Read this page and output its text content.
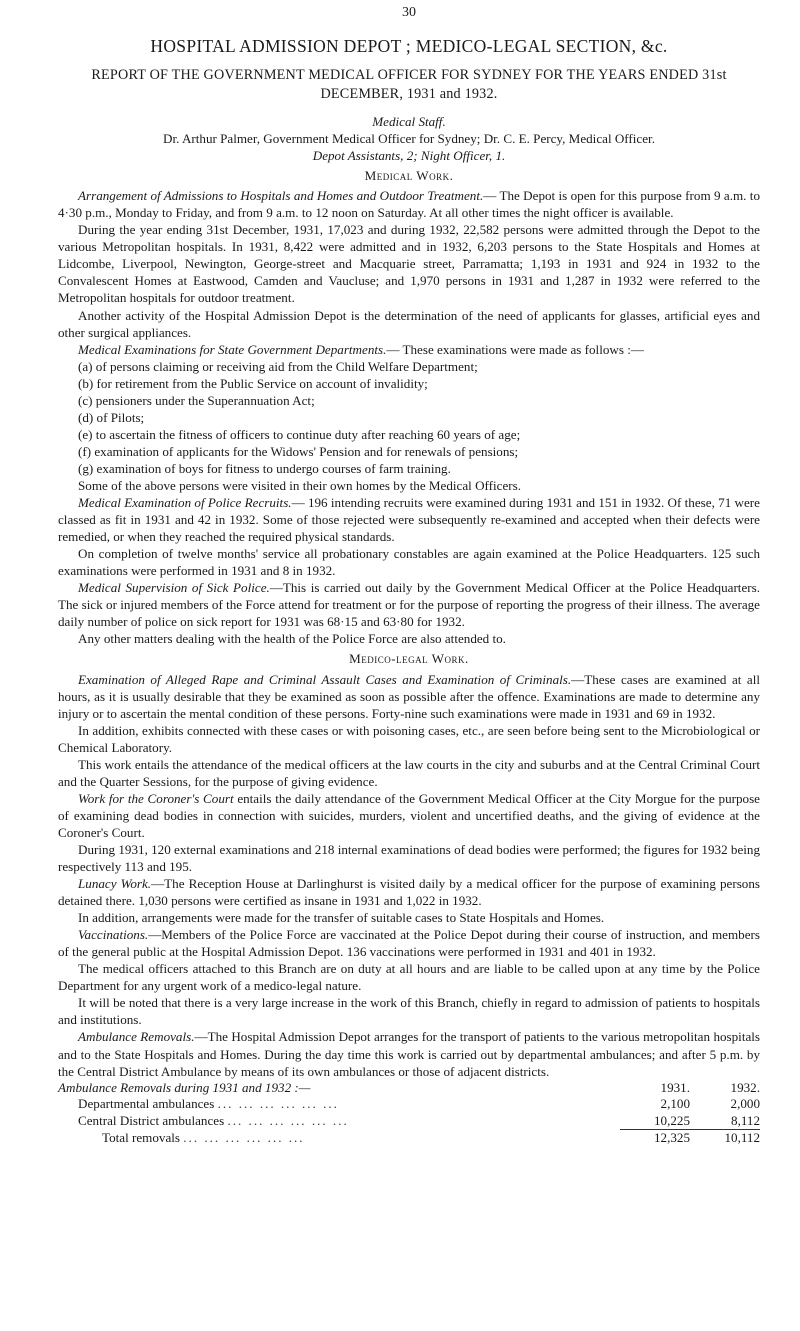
30
HOSPITAL ADMISSION DEPOT ; MEDICO-LEGAL SECTION, &c.
REPORT OF THE GOVERNMENT MEDICAL OFFICER FOR SYDNEY FOR THE YEARS ENDED 31st DECEMBER, 1931 and 1932.

Medical Staff.

Dr. Arthur Palmer, Government Medical Officer for Sydney; Dr. C. E. Percy, Medical Officer.

Depot Assistants, 2; Night Officer, 1.

Medical Work.

Arrangement of Admissions to Hospitals and Homes and Outdoor Treatment.— The Depot is open for this purpose from 9 a.m. to 4·30 p.m., Monday to Friday, and from 9 a.m. to 12 noon on Saturday. At all other times the night officer is available.

During the year ending 31st December, 1931, 17,023 and during 1932, 22,582 persons were admitted through the Depot to the various Metropolitan hospitals. In 1931, 8,422 were admitted and in 1932, 6,203 persons to the State Hospitals and Homes at Lidcombe, Liverpool, Newington, George-street and Macquarie street, Parramatta; 1,193 in 1931 and 924 in 1932 to the Convalescent Homes at Eastwood, Camden and Vaucluse; and 1,970 persons in 1931 and 1,287 in 1932 were referred to the Metropolitan hospitals for outdoor treatment.

Another activity of the Hospital Admission Depot is the determination of the need of applicants for glasses, artificial eyes and other surgical appliances.

Medical Examinations for State Government Departments.— These examinations were made as follows :—

(a) of persons claiming or receiving aid from the Child Welfare Department;

(b) for retirement from the Public Service on account of invalidity;

(c) pensioners under the Superannuation Act;

(d) of Pilots;

(e) to ascertain the fitness of officers to continue duty after reaching 60 years of age;

(f) examination of applicants for the Widows' Pension and for renewals of pensions;

(g) examination of boys for fitness to undergo courses of farm training.

Some of the above persons were visited in their own homes by the Medical Officers.

Medical Examination of Police Recruits.— 196 intending recruits were examined during 1931 and 151 in 1932. Of these, 71 were classed as fit in 1931 and 42 in 1932. Some of those rejected were subsequently re-examined and accepted when their defects were remedied, or when they reached the required physical standards.

On completion of twelve months' service all probationary constables are again examined at the Police Headquarters. 125 such examinations were performed in 1931 and 8 in 1932.

Medical Supervision of Sick Police.—This is carried out daily by the Government Medical Officer at the Police Headquarters. The sick or injured members of the Force attend for treatment or for the purpose of reporting the progress of their illness. The average daily number of police on sick report for 1931 was 68·15 and 63·80 for 1932.

Any other matters dealing with the health of the Police Force are also attended to.

Medico-legal Work.

Examination of Alleged Rape and Criminal Assault Cases and Examination of Criminals.—These cases are examined at all hours, as it is usually desirable that they be examined as soon as possible after the offence. Examinations are made to determine any injury or to ascertain the mental condition of these persons. Forty-nine such examinations were made in 1931 and 69 in 1932.

In addition, exhibits connected with these cases or with poisoning cases, etc., are seen before being sent to the Microbiological or Chemical Laboratory.

This work entails the attendance of the medical officers at the law courts in the city and suburbs and at the Central Criminal Court and the Quarter Sessions, for the purpose of giving evidence.

Work for the Coroner's Court entails the daily attendance of the Government Medical Officer at the City Morgue for the purpose of examining dead bodies in connection with suicides, murders, violent and uncertified deaths, and the giving of evidence at the Coroner's Court.

During 1931, 120 external examinations and 218 internal examinations of dead bodies were performed; the figures for 1932 being respectively 113 and 195.

Lunacy Work.—The Reception House at Darlinghurst is visited daily by a medical officer for the purpose of examining persons detained there. 1,030 persons were certified as insane in 1931 and 1,022 in 1932.

In addition, arrangements were made for the transfer of suitable cases to State Hospitals and Homes.

Vaccinations.—Members of the Police Force are vaccinated at the Police Depot during their course of instruction, and members of the general public at the Hospital Admission Depot. 136 vaccinations were performed in 1931 and 401 in 1932.

The medical officers attached to this Branch are on duty at all hours and are liable to be called upon at any time by the Police Department for any urgent work of a medico-legal nature.

It will be noted that there is a very large increase in the work of this Branch, chiefly in regard to admission of patients to hospitals and institutions.

Ambulance Removals.—The Hospital Admission Depot arranges for the transport of patients to the various metropolitan hospitals and to the State Hospitals and Homes. During the day time this work is carried out by departmental ambulances; and after 5 p.m. by the Central District Ambulance by means of its own ambulances or those of adjacent districts.

Ambulance Removals during 1931 and 1932 :—	1931.	1932.
Departmental ambulances ... ... ... ... ... ...	2,100	2,000
Central District ambulances ... ... ... ... ... ...	10,225	8,112
Total removals ... ... ... ... ... ...	12,325	10,112
